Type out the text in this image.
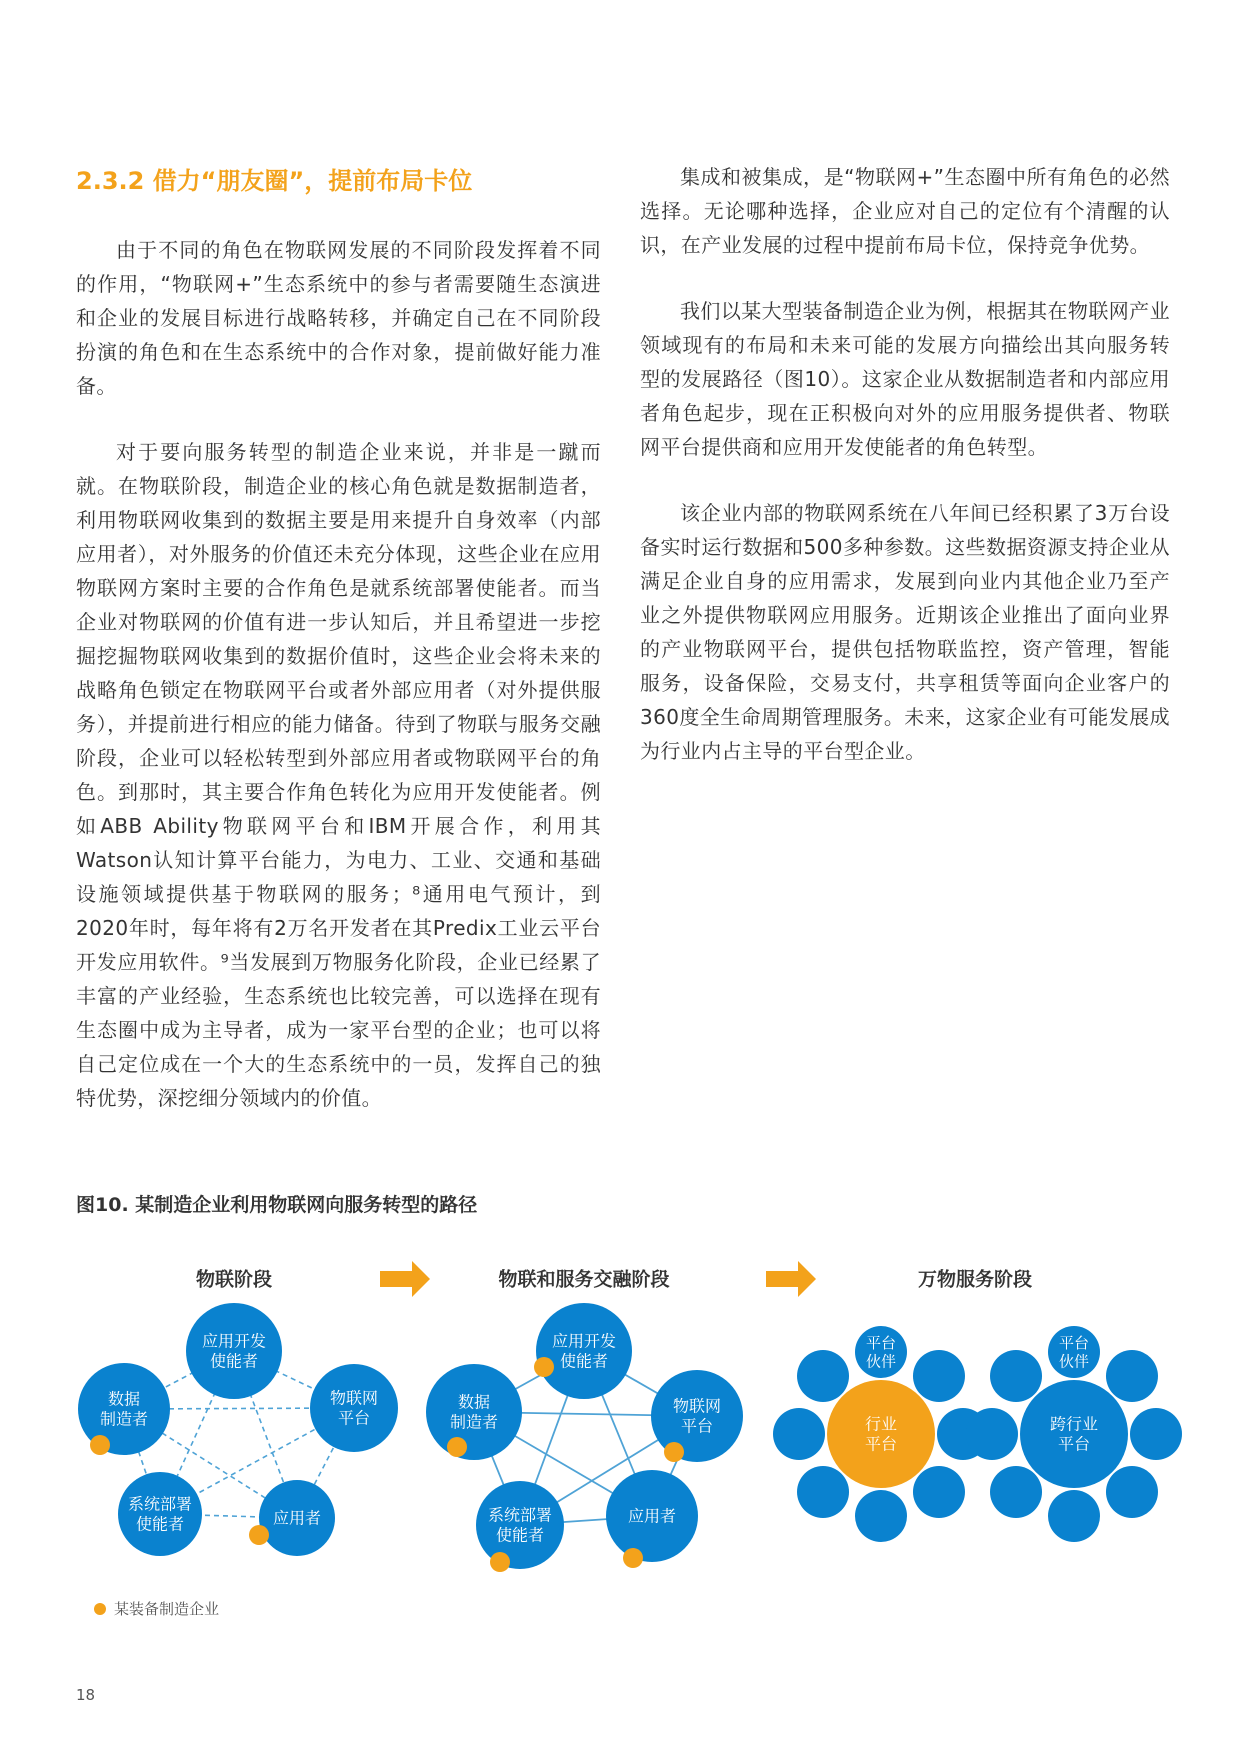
2.3.2 借力“朋友圈”，提前布局卡位

由于不同的角色在物联网发展的不同阶段发挥着不同的作用，“物联网+”生态系统中的参与者需要随生态演进和企业的发展目标进行战略转移，并确定自己在不同阶段扮演的角色和在生态系统中的合作对象，提前做好能力准备。

对于要向服务转型的制造企业来说，并非是一蹴而就。在物联阶段，制造企业的核心角色就是数据制造者，利用物联网收集到的数据主要是用来提升自身效率（内部应用者），对外服务的价值还未充分体现，这些企业在应用物联网方案时主要的合作角色是就系统部署使能者。而当企业对物联网的价值有进一步认知后，并且希望进一步挖掘挖掘物联网收集到的数据价值时，这些企业会将未来的战略角色锁定在物联网平台或者外部应用者（对外提供服务），并提前进行相应的能力储备。待到了物联与服务交融阶段，企业可以轻松转型到外部应用者或物联网平台的角色。到那时，其主要合作角色转化为应用开发使能者。例如ABB Ability物联网平台和IBM开展合作，利用其Watson认知计算平台能力，为电力、工业、交通和基础设施领域提供基于物联网的服务；⁸通用电气预计，到2020年时，每年将有2万名开发者在其Predix工业云平台开发应用软件。⁹当发展到万物服务化阶段，企业已经累了丰富的产业经验，生态系统也比较完善，可以选择在现有生态圈中成为主导者，成为一家平台型的企业；也可以将自己定位成在一个大的生态系统中的一员，发挥自己的独特优势，深挖细分领域内的价值。

集成和被集成，是“物联网+”生态圈中所有角色的必然选择。无论哪种选择，企业应对自己的定位有个清醒的认识，在产业发展的过程中提前布局卡位，保持竞争优势。

我们以某大型装备制造企业为例，根据其在物联网产业领域现有的布局和未来可能的发展方向描绘出其向服务转型的发展路径（图10）。这家企业从数据制造者和内部应用者角色起步，现在正积极向对外的应用服务提供者、物联网平台提供商和应用开发使能者的角色转型。

该企业内部的物联网系统在八年间已经积累了3万台设备实时运行数据和500多种参数。这些数据资源支持企业从满足企业自身的应用需求，发展到向业内其他企业乃至产业之外提供物联网应用服务。近期该企业推出了面向业界的产业物联网平台，提供包括物联监控，资产管理，智能服务，设备保险，交易支付，共享租赁等面向企业客户的360度全生命周期管理服务。未来，这家企业有可能发展成为行业内占主导的平台型企业。

图10. 某制造企业利用物联网向服务转型的路径
物联阶段	物联和服务交融阶段	万物服务阶段
应用开发使能者
数据制造者
物联网平台
系统部署使能者	应用者
应用开发使能者
数据制造者
物联网平台
系统部署使能者
应用者
行业平台
平台伙伴
跨行业平台
平台伙伴
某装备制造企业
18
